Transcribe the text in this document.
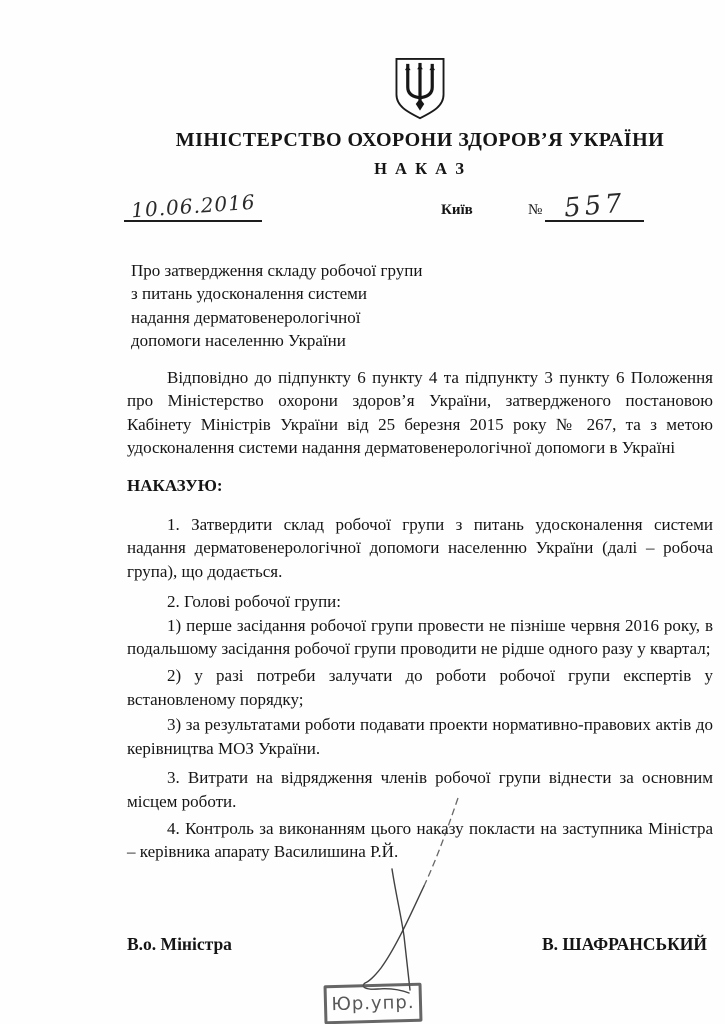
МІНІСТЕРСТВО ОХОРОНИ ЗДОРОВ’Я УКРАЇНИ
Н А К А З
10.06.2016	Київ	№ 557
Про затвердження складу робочої групи
з питань удосконалення системи
надання дерматовенерологічної
допомоги населенню України

Відповідно до підпункту 6 пункту 4 та підпункту 3 пункту 6 Положення про Міністерство охорони здоров’я України, затвердженого постановою Кабінету Міністрів України від 25 березня 2015 року № 267, та з метою удосконалення системи надання дерматовенерологічної допомоги в Україні

НАКАЗУЮ:

1. Затвердити склад робочої групи з питань удосконалення системи надання дерматовенерологічної допомоги населенню України (далі – робоча група), що додається.

2. Голові робочої групи:

1) перше засідання робочої групи провести не пізніше червня 2016 року, в подальшому засідання робочої групи проводити не рідше одного разу у квартал;

2) у разі потреби залучати до роботи робочої групи експертів у встановленому порядку;

3) за результатами роботи подавати проекти нормативно-правових актів до керівництва МОЗ України.

3. Витрати на відрядження членів робочої групи віднести за основним місцем роботи.

4. Контроль за виконанням цього наказу покласти на заступника Міністра – керівника апарату Василишина Р.Й.

В.о. Міністра	В. ШАФРАНСЬКИЙ
Юр.упр.
